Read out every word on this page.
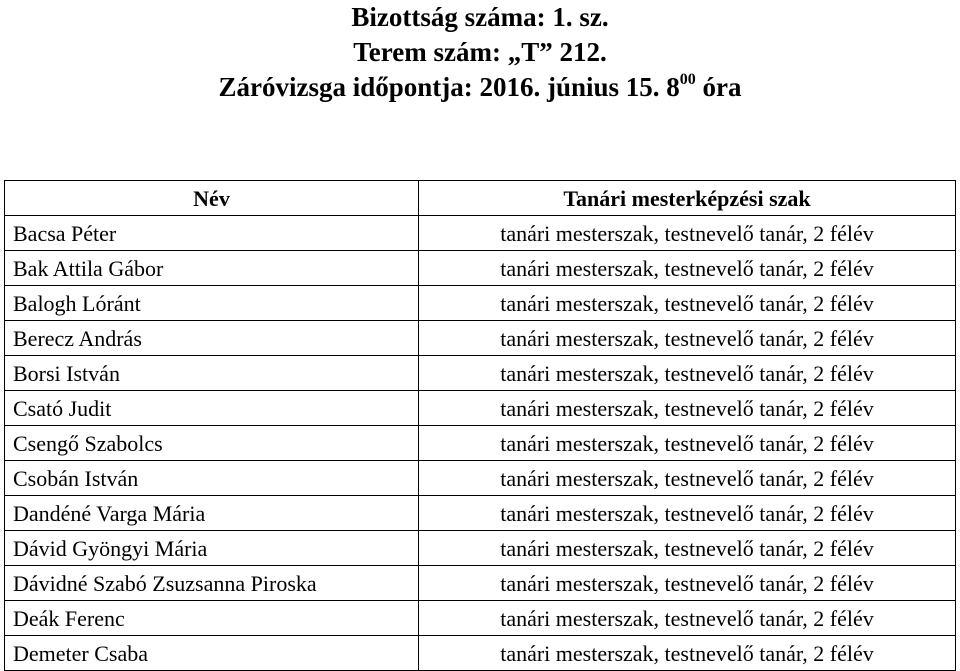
Bizottság száma: 1. sz.
Terem szám: „T” 212.
Záróvizsga időpontja: 2016. június 15. $8^{00}$ óra
Név	Tanári mesterképzési szak
Bacsa Péter	tanári mesterszak, testnevelő tanár, 2 félév
Bak Attila Gábor	tanári mesterszak, testnevelő tanár, 2 félév
Balogh Lóránt	tanári mesterszak, testnevelő tanár, 2 félév
Berecz András	tanári mesterszak, testnevelő tanár, 2 félév
Borsi István	tanári mesterszak, testnevelő tanár, 2 félév
Csató Judit	tanári mesterszak, testnevelő tanár, 2 félév
Csengő Szabolcs	tanári mesterszak, testnevelő tanár, 2 félév
Csobán István	tanári mesterszak, testnevelő tanár, 2 félév
Dandéné Varga Mária	tanári mesterszak, testnevelő tanár, 2 félév
Dávid Gyöngyi Mária	tanári mesterszak, testnevelő tanár, 2 félév
Dávidné Szabó Zsuzsanna Piroska	tanári mesterszak, testnevelő tanár, 2 félév
Deák Ferenc	tanári mesterszak, testnevelő tanár, 2 félév
Demeter Csaba	tanári mesterszak, testnevelő tanár, 2 félév
